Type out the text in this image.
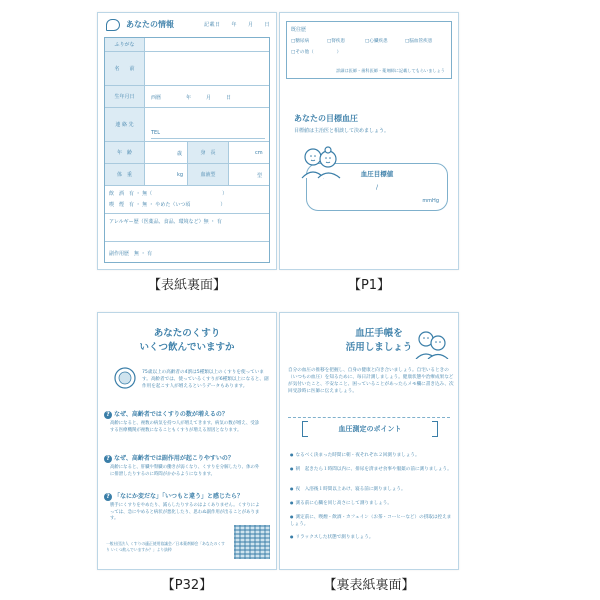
あなたの情報	記載日　　年　　月　　日
ふりがな
名　　前
生年月日	西暦　　　　　年　　　月　　　日
連 絡 先
TEL
年　齢	歳	身　長	cm
体　重	kg	血液型	型
飲　酒　有 ・ 無（　　　　　　　　　　　　　　）
喫　煙　有 ・ 無 ・ やめた（いつ頃　　　　　　）
アレルギー歴（医薬品、食品、環境など）無 ・ 有
副作用歴　無 ・ 有
【表紙裏面】
既往歴
□糖尿病	□腎疾患	□心臓疾患	□脳血管疾患
□その他（　　　　　）
詳細は医師・歯科医師・薬剤師に記載してもらいましょう
あなたの目標血圧
目標値は主治医と相談して決めましょう。
血圧目標値
/
mmHg
【P1】
あなたのくすり
いくつ飲んでいますか
75歳以上の高齢者の4割は5種類以上のくすりを使っています。高齢者では、使っているくすりが6種類以上になると、副作用を起こす人が増えるというデータもあります。
? なぜ、高齢者ではくすりの数が増えるの？
高齢になると、複数の病気を持つ人が増えてきます。病気の数が増え、受診する医療機関が複数になることもくすりが増える原因となります。
? なぜ、高齢者では副作用が起こりやすいの？
高齢になると、肝臓や腎臓の働きが弱くなり、くすりを分解したり、体の外に排泄したりするのに時間がかかるようになります。
? 「なにか変だな」「いつもと違う」と感じたら？
勝手にくすりをやめたり、減らしたりするのはよくありません。くすりによっては、急にやめると病状が悪化したり、思わぬ副作用が出ることがあります。
一般社団法人 くすりの適正使用協議会／日本薬剤師会「あなたのくすり いくつ飲んでいますか？」より抜粋
【P32】
血圧手帳を
活用しましょう
自分の血圧の推移を把握し、自身の健康と向き合いましょう。自宅いるときの（いつもの血圧）を知るために、毎日計測しましょう。健康状態や治療成果などが気付いたこと、不安なこと、困っていることがあったらメモ欄に書き込み、次回受診時に医師に伝えましょう。
血圧測定のポイント
● なるべく決まった時間に朝・夜それぞれ２回測りましょう。
● 朝　起きたら１時間以内に、排尿を済ませ食事や服薬の前に測りましょう。
● 夜　入浴後１時間以上あけ、寝る前に測りましょう。
● 測る前に心臓を同じ高さにして測りましょう。
● 測定前に、喫煙・飲酒・カフェイン（お茶・コーヒーなど）の摂取は控えましょう。
● リラックスした状態で測りましょう。
【裏表紙裏面】
